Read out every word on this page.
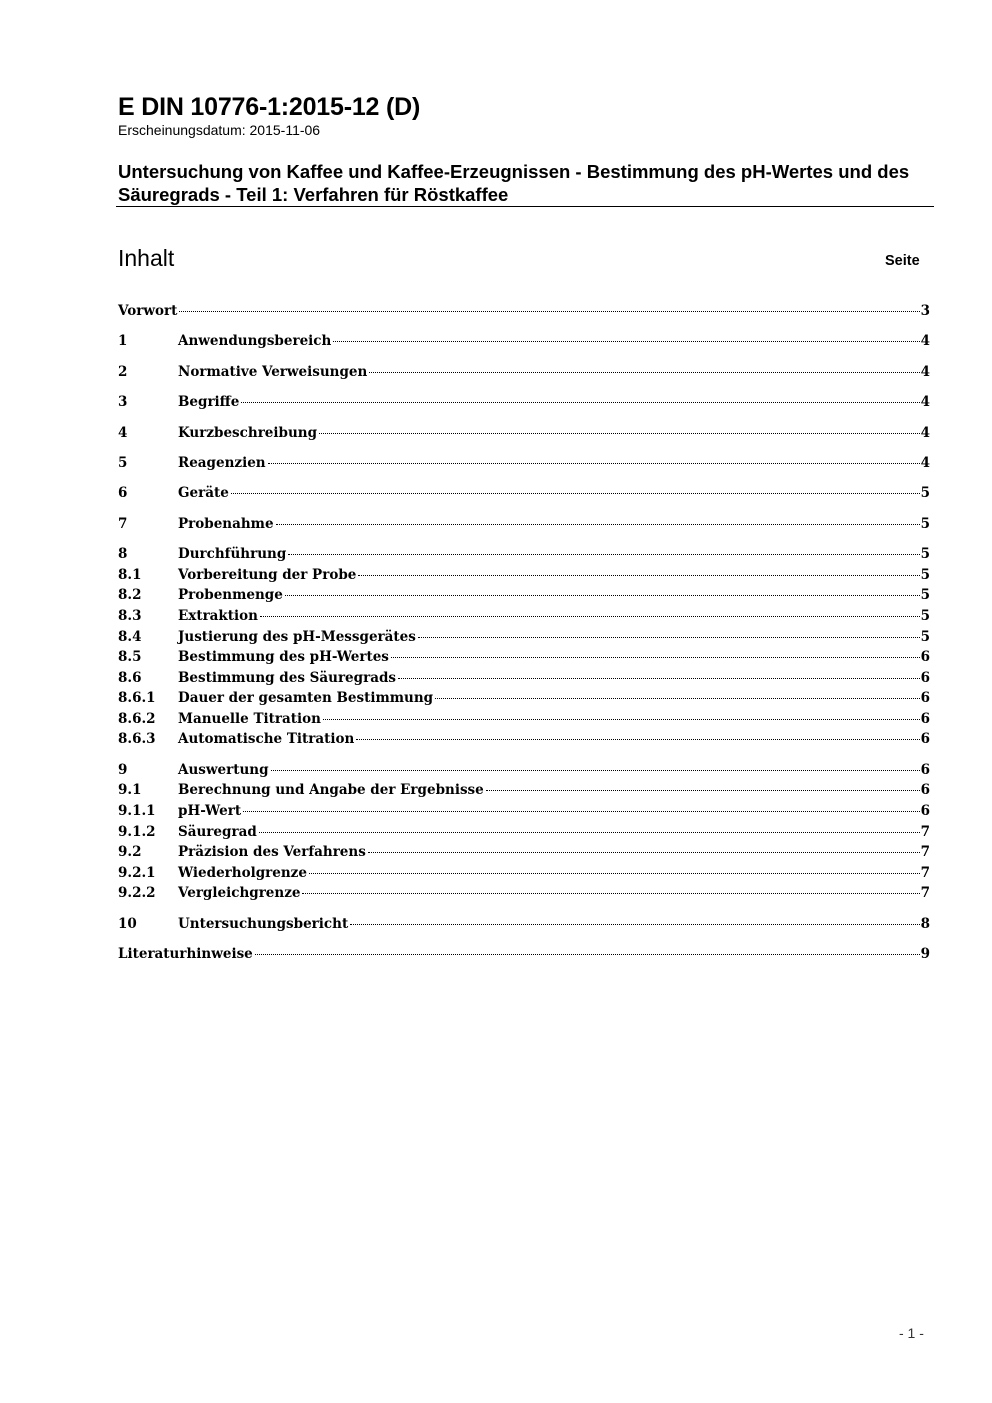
E DIN 10776-1:2015-12 (D)
Erscheinungsdatum: 2015-11-06
Untersuchung von Kaffee und Kaffee-Erzeugnissen - Bestimmung des pH-Wertes und des Säuregrads - Teil 1: Verfahren für Röstkaffee
Inhalt	Seite
Vorwort	3
1	Anwendungsbereich	4
2	Normative Verweisungen	4
3	Begriffe	4
4	Kurzbeschreibung	4
5	Reagenzien	4
6	Geräte	5
7	Probenahme	5
8	Durchführung	5
8.1	Vorbereitung der Probe	5
8.2	Probenmenge	5
8.3	Extraktion	5
8.4	Justierung des pH-Messgerätes	5
8.5	Bestimmung des pH-Wertes	6
8.6	Bestimmung des Säuregrads	6
8.6.1	Dauer der gesamten Bestimmung	6
8.6.2	Manuelle Titration	6
8.6.3	Automatische Titration	6
9	Auswertung	6
9.1	Berechnung und Angabe der Ergebnisse	6
9.1.1	pH-Wert	6
9.1.2	Säuregrad	7
9.2	Präzision des Verfahrens	7
9.2.1	Wiederholgrenze	7
9.2.2	Vergleichgrenze	7
10	Untersuchungsbericht	8
Literaturhinweise	9
- 1 -
